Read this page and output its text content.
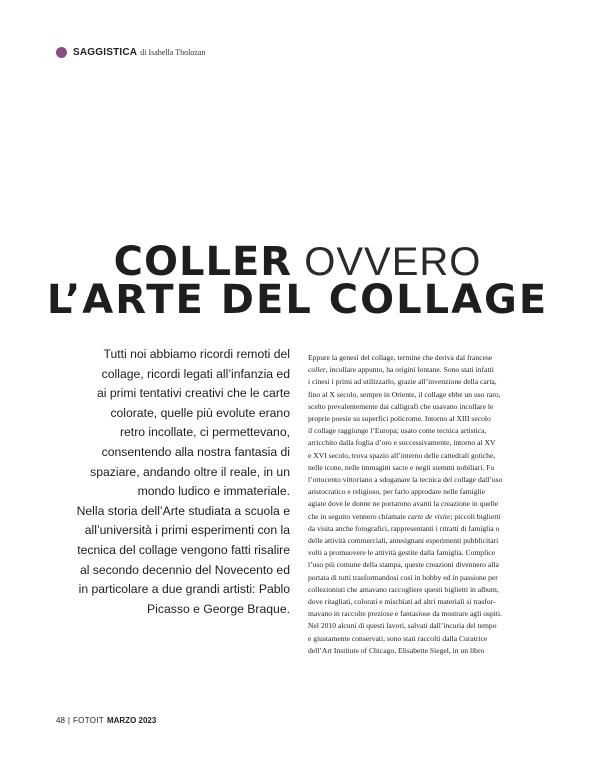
SAGGISTICA di Isabella Tholozan
COLLER OVVERO
L’ARTE DEL COLLAGE
Tutti noi abbiamo ricordi remoti del
collage, ricordi legati all’infanzia ed
ai primi tentativi creativi che le carte
colorate, quelle più evolute erano
retro incollate, ci permettevano,
consentendo alla nostra fantasia di
spaziare, andando oltre il reale, in un
mondo ludico e immateriale.
Nella storia dell’Arte studiata a scuola e
all’università i primi esperimenti con la
tecnica del collage vengono fatti risalire
al secondo decennio del Novecento ed
in particolare a due grandi artisti: Pablo
Picasso e George Braque.
Eppure la genesi del collage, termine che deriva dal francese
coller, incollare appunto, ha origini lontane. Sono stati infatti
i cinesi i primi ad utilizzarlo, grazie all’invenzione della carta,
fino al X secolo, sempre in Oriente, il collage ebbe un uso raro,
scelto prevalentemente dai calligrafi che usavano incollare le
proprie poesie su superfici policrome. Intorno al XIII secolo
il collage raggiunge l’Europa; usato come tecnica artistica,
arricchito dalla foglia d’oro e successivamente, intorno al XV
e XVI secolo, trova spazio all’interno delle cattedrali gotiche,
nelle icone, nelle immagini sacre e negli stemmi nobiliari. Fu
l’ottocento vittoriano a sdoganare la tecnica del collage dall’uso
aristocratico e religioso, per farlo approdare nelle famiglie
agiate dove le donne ne portarono avanti la creazione in quelle
che in seguito vennero chiamate carte de visite; piccoli biglietti
da visita anche fotografici, rappresentanti i ritratti di famiglia o
delle attività commerciali, antesignani esperimenti pubblicitari
volti a promuovere le attività gestite dalla famiglia. Complice
l’uso più comune della stampa, queste creazioni divennero alla
portata di tutti trasformandosi così in hobby ed in passione per
collezionisti che amavano raccogliere questi biglietti in album,
dove ritagliati, colorati e mischiati ad altri materiali si trasfor-
mavano in raccolte preziose e fantasiose da mostrare agli ospiti.
Nel 2010 alcuni di questi lavori, salvati dall’incuria del tempo
e giustamente conservati, sono stati raccolti dalla Curatrice
dell’Art Institute of Chicago, Elisabette Siegel, in un libro
48 | FOTOIT MARZO 2023
